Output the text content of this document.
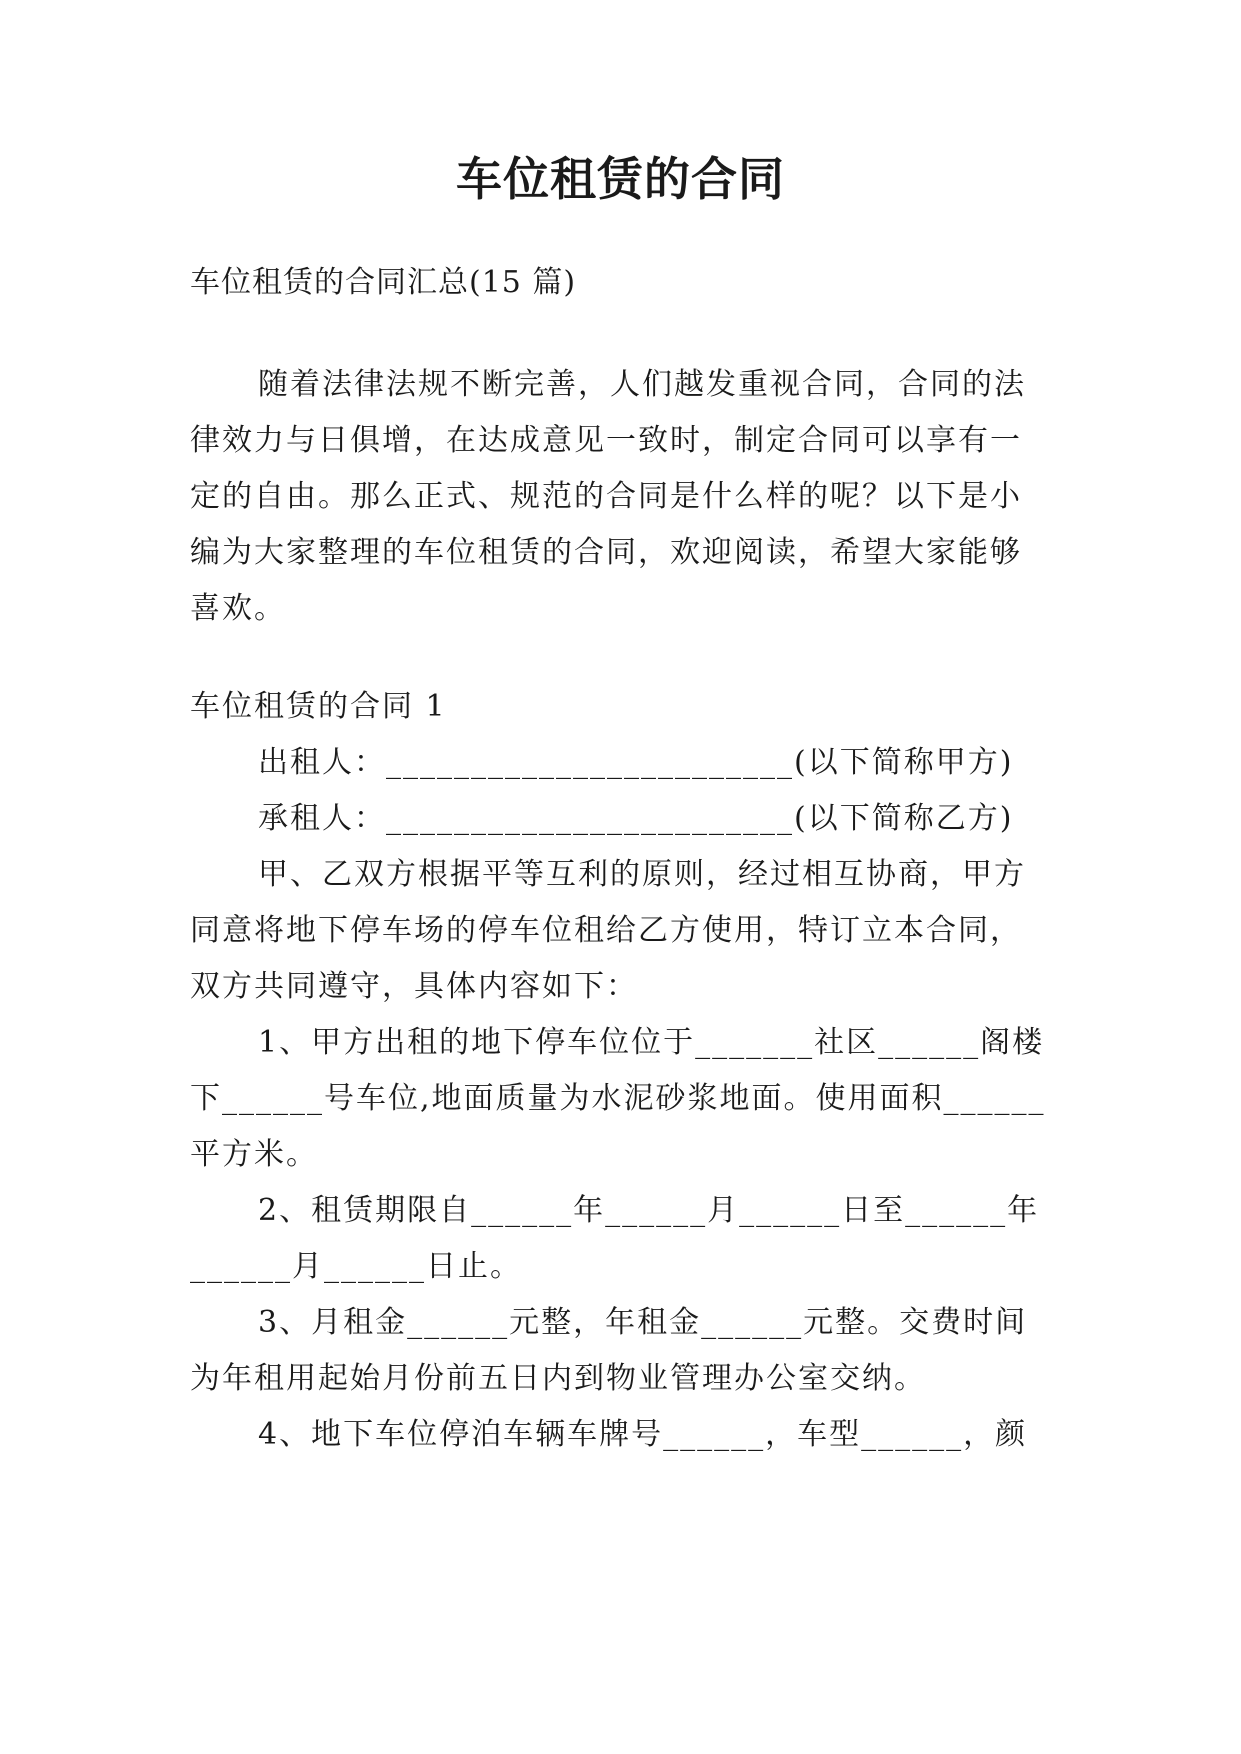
车位租赁的合同
车位租赁的合同汇总(15 篇)
随着法律法规不断完善，人们越发重视合同，合同的法
律效力与日俱增，在达成意见一致时，制定合同可以享有一
定的自由。那么正式、规范的合同是什么样的呢？以下是小
编为大家整理的车位租赁的合同，欢迎阅读，希望大家能够
喜欢。
车位租赁的合同 1
出租人：________________________(以下简称甲方)
承租人：________________________(以下简称乙方)
甲、乙双方根据平等互利的原则，经过相互协商，甲方
同意将地下停车场的停车位租给乙方使用，特订立本合同，
双方共同遵守，具体内容如下：
1、甲方出租的地下停车位位于_______社区______阁楼
下______号车位,地面质量为水泥砂浆地面。使用面积______
平方米。
2、租赁期限自______年______月______日至______年
______月______日止。
3、月租金______元整，年租金______元整。交费时间
为年租用起始月份前五日内到物业管理办公室交纳。
4、地下车位停泊车辆车牌号______，车型______，颜
